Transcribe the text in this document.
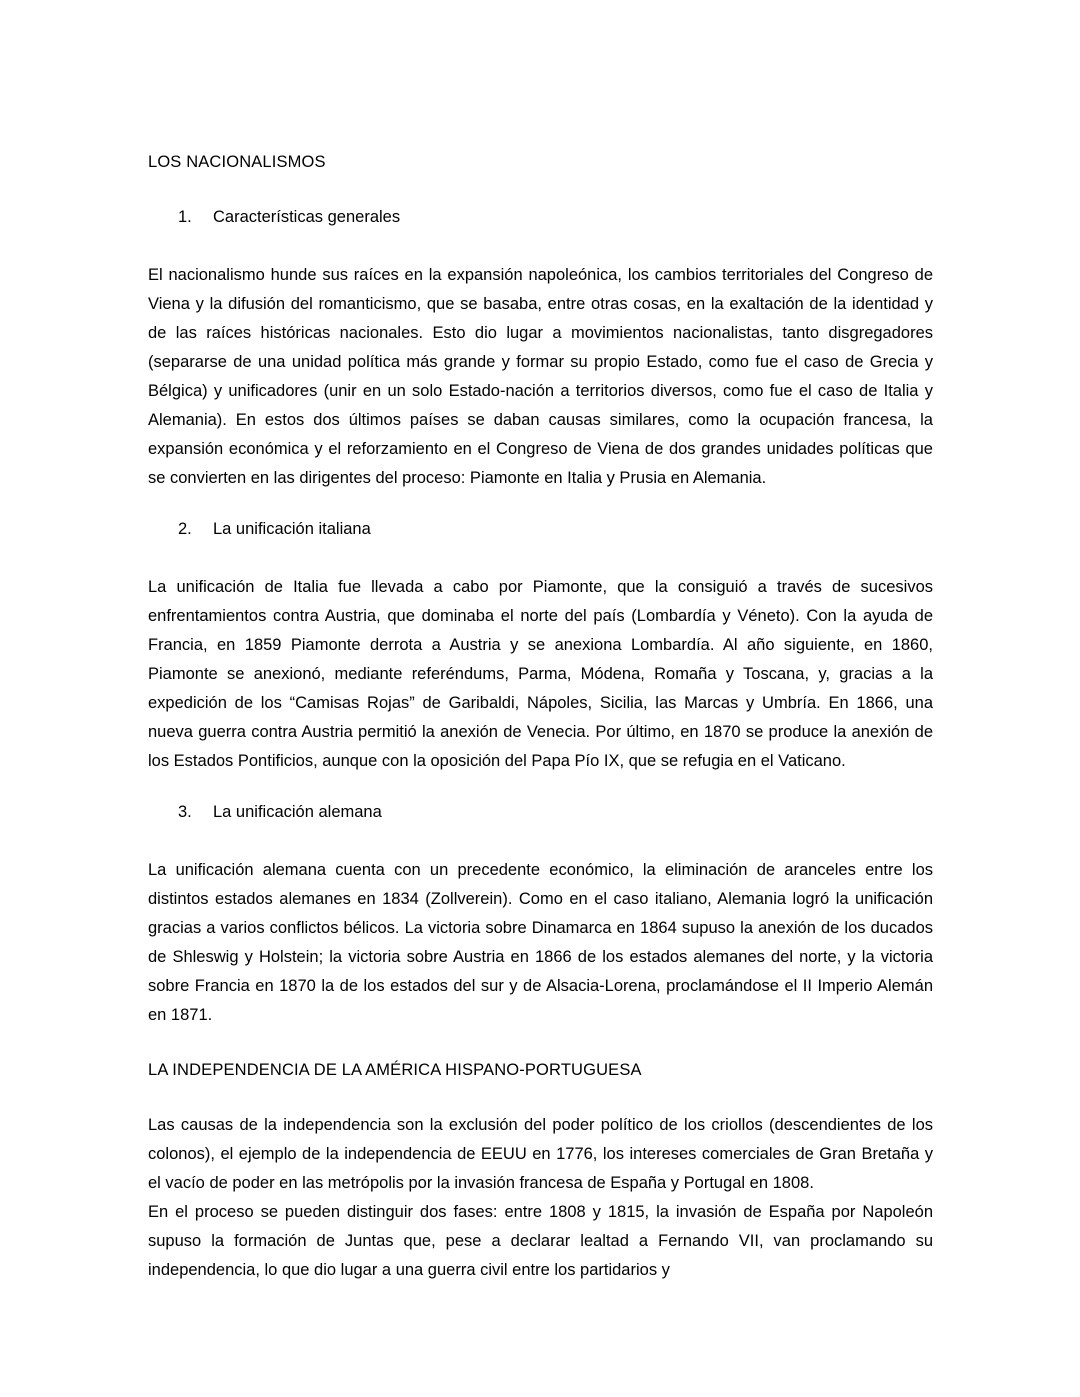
LOS NACIONALISMOS
1.	Características generales

El nacionalismo hunde sus raíces en la expansión napoleónica, los cambios territoriales del Congreso de Viena y la difusión del romanticismo, que se basaba, entre otras cosas, en la exaltación de la identidad y de las raíces históricas nacionales. Esto dio lugar a movimientos nacionalistas, tanto disgregadores (separarse de una unidad política más grande y formar su propio Estado, como fue el caso de Grecia y Bélgica) y unificadores (unir en un solo Estado-nación a territorios diversos, como fue el caso de Italia y Alemania). En estos dos últimos países se daban causas similares, como la ocupación francesa, la expansión económica y el reforzamiento en el Congreso de Viena de dos grandes unidades políticas que se convierten en las dirigentes del proceso: Piamonte en Italia y Prusia en Alemania.

2.	La unificación italiana

La unificación de Italia fue llevada a cabo por Piamonte, que la consiguió a través de sucesivos enfrentamientos contra Austria, que dominaba el norte del país (Lombardía y Véneto). Con la ayuda de Francia, en 1859 Piamonte derrota a Austria y se anexiona Lombardía. Al año siguiente, en 1860, Piamonte se anexionó, mediante referéndums, Parma, Módena, Romaña y Toscana, y, gracias a la expedición de los “Camisas Rojas” de Garibaldi, Nápoles, Sicilia, las Marcas y Umbría. En 1866, una nueva guerra contra Austria permitió la anexión de Venecia. Por último, en 1870 se produce la anexión de los Estados Pontificios, aunque con la oposición del Papa Pío IX, que se refugia en el Vaticano.

3.	La unificación alemana

La unificación alemana cuenta con un precedente económico, la eliminación de aranceles entre los distintos estados alemanes en 1834 (Zollverein). Como en el caso italiano, Alemania logró la unificación gracias a varios conflictos bélicos. La victoria sobre Dinamarca en 1864 supuso la anexión de los ducados de Shleswig y Holstein; la victoria sobre Austria en 1866 de los estados alemanes del norte, y la victoria sobre Francia en 1870 la de los estados del sur y de Alsacia-Lorena, proclamándose el II Imperio Alemán en 1871.

LA INDEPENDENCIA DE LA AMÉRICA HISPANO-PORTUGUESA

Las causas de la independencia son la exclusión del poder político de los criollos (descendientes de los colonos), el ejemplo de la independencia de EEUU en 1776, los intereses comerciales de Gran Bretaña y el vacío de poder en las metrópolis por la invasión francesa de España y Portugal en 1808.

En el proceso se pueden distinguir dos fases: entre 1808 y 1815, la invasión de España por Napoleón supuso la formación de Juntas que, pese a declarar lealtad a Fernando VII, van proclamando su independencia, lo que dio lugar a una guerra civil entre los partidarios y
